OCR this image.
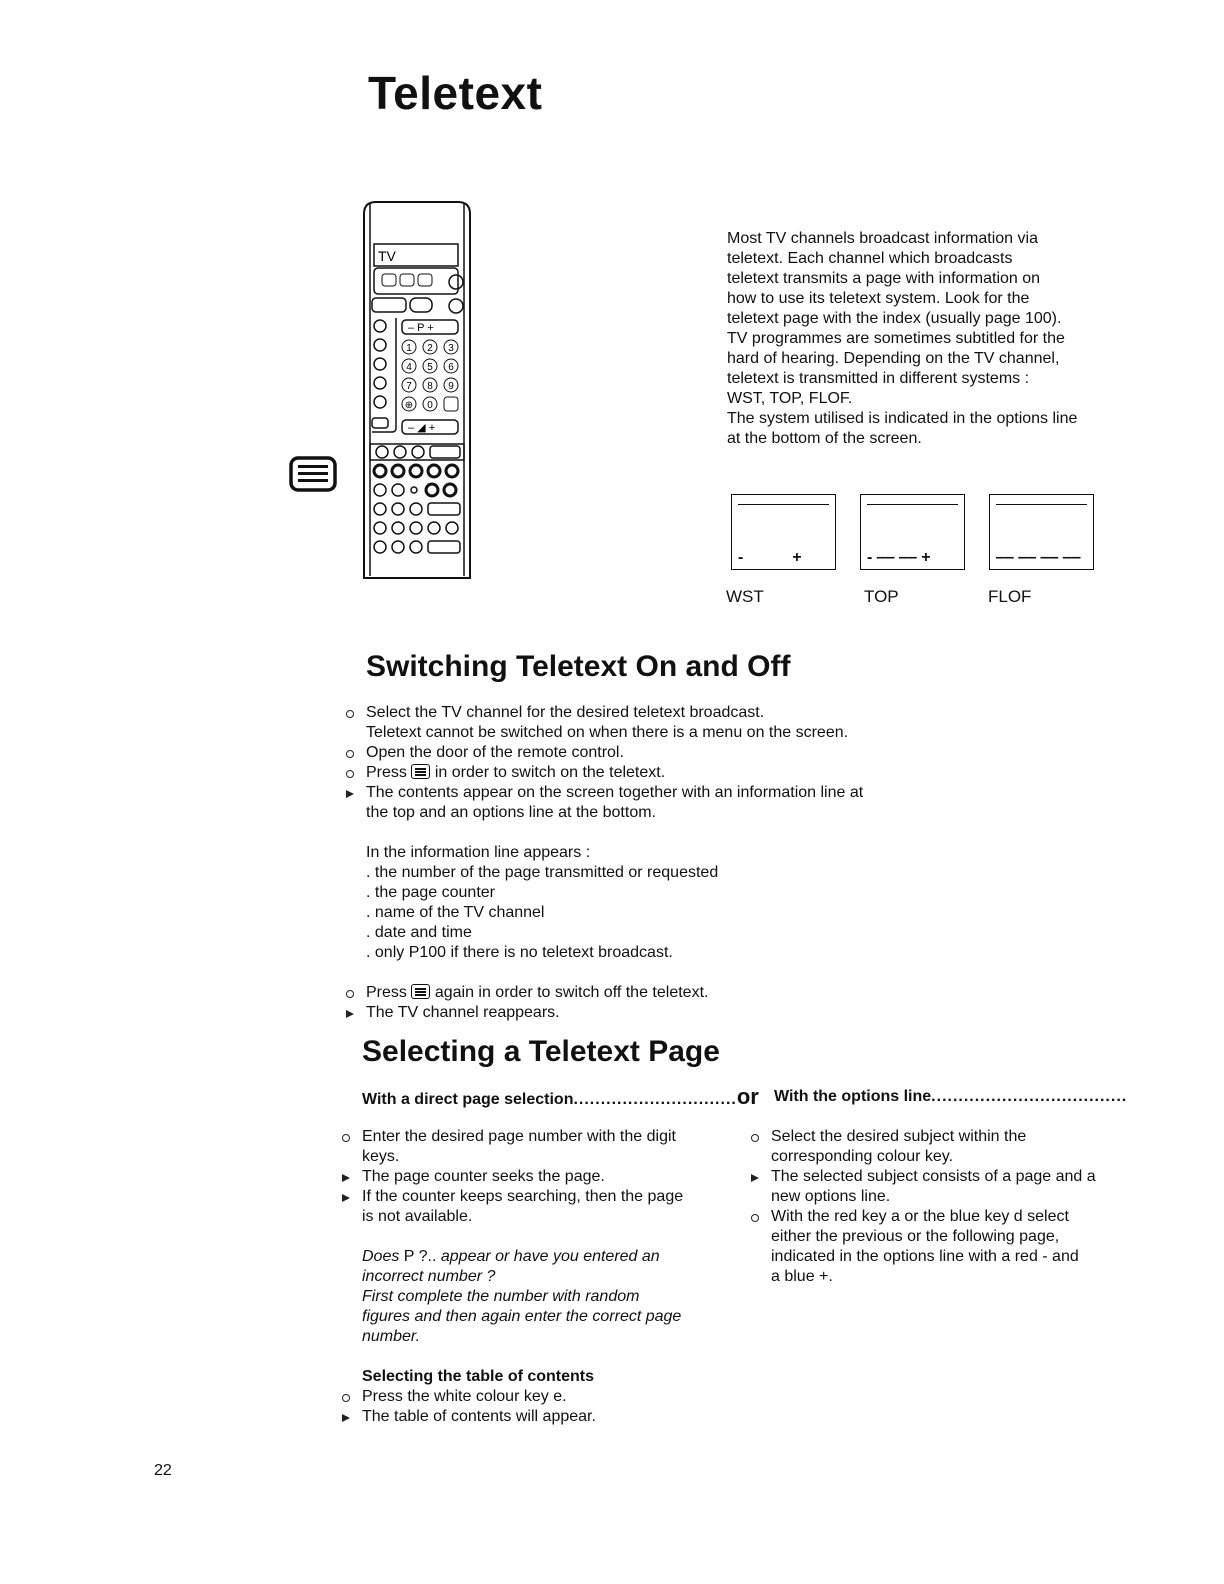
Teletext
TV
– P +
1 2 3
4 5 6
7 8 9
⊕ 0
– ◢ +
Most TV channels broadcast information via
teletext. Each channel which broadcasts
teletext transmits a page with information on
how to use its teletext system. Look for the
teletext page with the index (usually page 100).
TV programmes are sometimes subtitled for the
hard of hearing. Depending on the TV channel,
teletext is transmitted in different systems :
WST, TOP, FLOF.
The system utilised is indicated in the options line
at the bottom of the screen.
-           +	- ‒‒ ‒‒ +	‒‒ ‒‒ ‒‒ ‒‒
WST	TOP	FLOF
Switching Teletext On and Off
Select the TV channel for the desired teletext broadcast.
Teletext cannot be switched on when there is a menu on the screen.
Open the door of the remote control.
Press in order to switch on the teletext.
The contents appear on the screen together with an information line at
the top and an options line at the bottom.
In the information line appears :
. the number of the page transmitted or requested
. the page counter
. name of the TV channel
. date and time
. only P100 if there is no teletext broadcast.
Press again in order to switch off the teletext.
The TV channel reappears.
Selecting a Teletext Page
With a direct page selection..............................or With the options line....................................
Enter the desired page number with the digit
keys.
The page counter seeks the page.
If the counter keeps searching, then the page
is not available.
Does P ?.. appear or have you entered an
incorrect number ?
First complete the number with random
figures and then again enter the correct page
number.
Selecting the table of contents
Press the white colour key e.
The table of contents will appear.
Select the desired subject within the
corresponding colour key.
The selected subject consists of a page and a
new options line.
With the red key a or the blue key d select
either the previous or the following page,
indicated in the options line with a red - and
a blue +.
22
